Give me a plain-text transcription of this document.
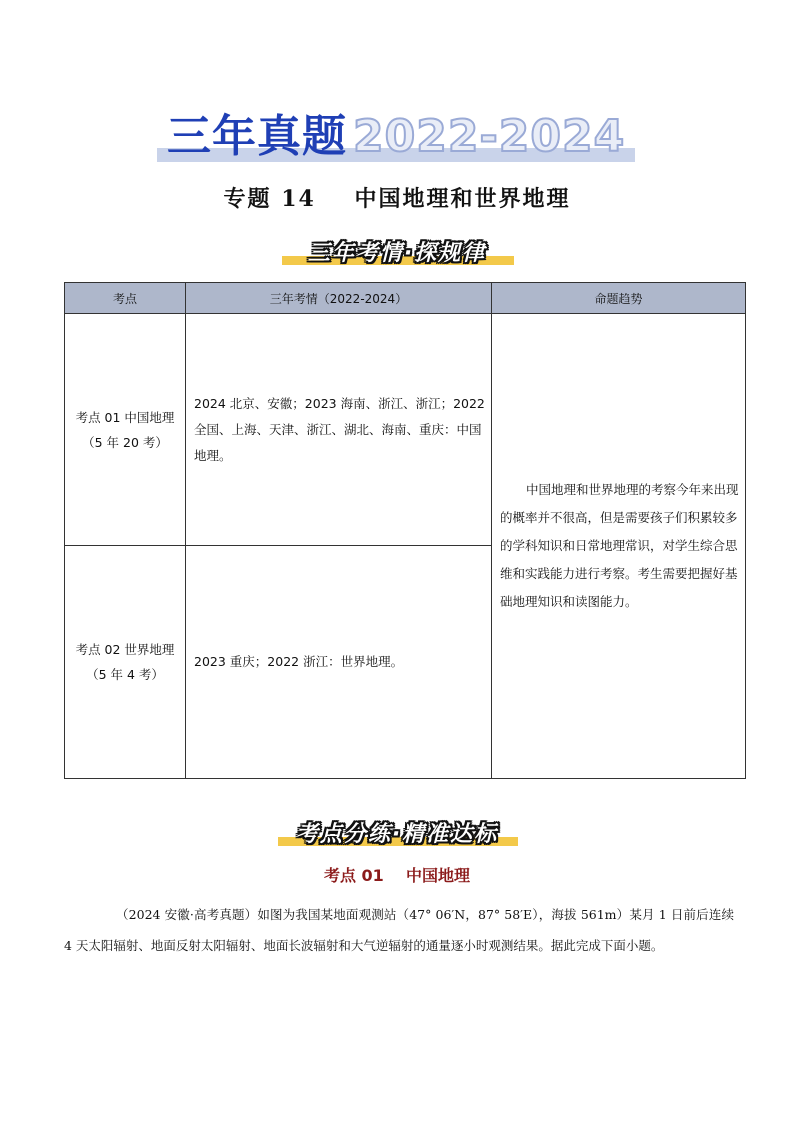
三年真题 2022-2024
专题 14    中国地理和世界地理
三年考情·探规律
考点	三年考情（2022-2024）	命题趋势

考点 01 中国地理
（5 年 20 考）	2024 北京、安徽；2023 海南、浙江、浙江；2022 全国、上海、天津、浙江、湖北、海南、重庆：中国地理。	中国地理和世界地理的考察今年来出现的概率并不很高，但是需要孩子们积累较多的学科知识和日常地理常识，对学生综合思维和实践能力进行考察。考生需要把握好基础地理知识和读图能力。

考点 02 世界地理
（5 年 4 考）	2023 重庆；2022 浙江：世界地理。	
考点分练·精准达标
考点 01    中国地理

（2024 安徽·高考真题）如图为我国某地面观测站（47° 06′N，87° 58′E），海拔 561m）某月 1 日前后连续 4 天太阳辐射、地面反射太阳辐射、地面长波辐射和大气逆辐射的通量逐小时观测结果。据此完成下面小题。
